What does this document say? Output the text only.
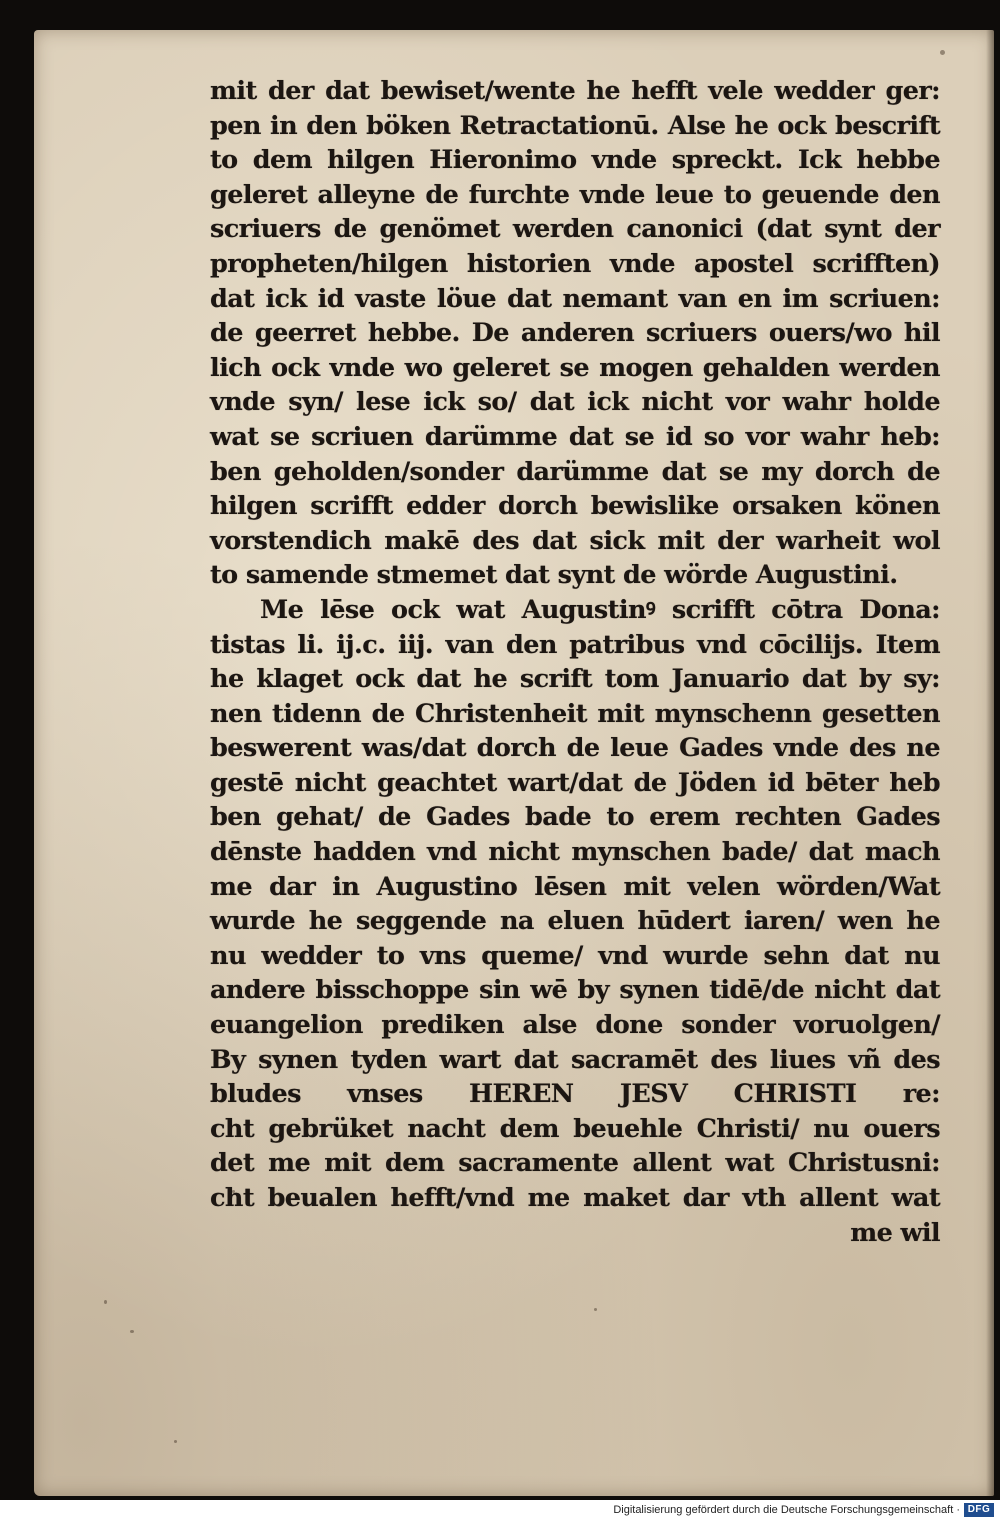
mit der dat bewiset/wente he hefft vele wedder ger:
pen in den böken Retractationū. Alse he ock bescrift
to dem hilgen Hieronimo vnde spreckt. Ick hebbe
geleret alleyne de furchte vnde leue to geuende den
scriuers de genömet werden canonici (dat synt der
propheten/hilgen historien vnde apostel scrifften)
dat ick id vaste löue dat nemant van en im scriuen:
de geerret hebbe. De anderen scriuers ouers/wo hil
lich ock vnde wo geleret se mogen gehalden werden
vnde syn/ lese ick so/ dat ick nicht vor wahr holde
wat se scriuen darümme dat se id so vor wahr heb:
ben geholden/sonder darümme dat se my dorch de
hilgen scrifft edder dorch bewislike orsaken könen
vorstendich makē des dat sick mit der warheit wol
to samende stmemet dat synt de wörde Augustini.
Me lēse ock wat Augustinꝰ scrifft cōtra Dona:
tistas li. ij.c. iij. van den patribus vnd cōcilijs. Item
he klaget ock dat he scrift tom Januario dat by sy:
nen tidenn de Christenheit mit mynschenn gesetten
beswerent was/dat dorch de leue Gades vnde des ne
gestē nicht geachtet wart/dat de Jöden id bēter heb
ben gehat/ de Gades bade to erem rechten Gades
dēnste hadden vnd nicht mynschen bade/ dat mach
me dar in Augustino lēsen mit velen wörden/Wat
wurde he seggende na eluen hūdert iaren/ wen he
nu wedder to vns queme/ vnd wurde sehn dat nu
andere bisschoppe sin wē by synen tidē/de nicht dat
euangelion prediken alse done sonder voruolgen/
By synen tyden wart dat sacramēt des liues vñ des
bludes vnses HEREN JESV CHRISTI re:
cht gebrüket nacht dem beuehle Christi/ nu ouers
det me mit dem sacramente allent wat Christusni:
cht beualen hefft/vnd me maket dar vth allent wat
me wil
Digitalisierung gefördert durch die Deutsche Forschungsgemeinschaft · DFG
